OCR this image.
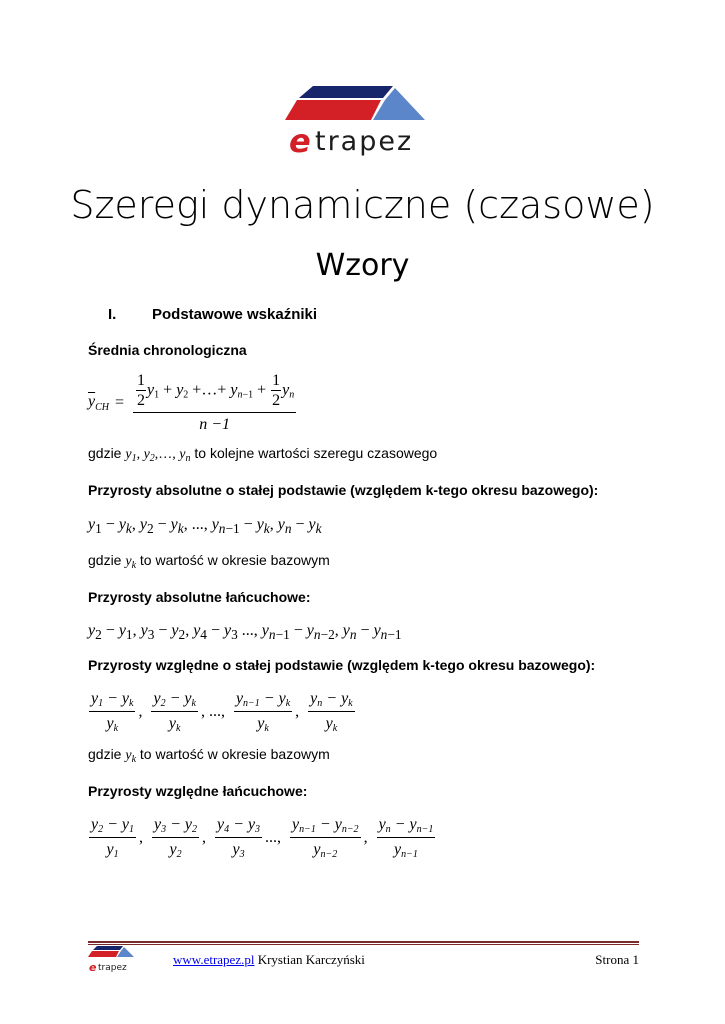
e trapez
Szeregi dynamiczne (czasowe)
Wzory
I. Podstawowe wskaźniki
Średnia chronologiczna
$\overline{y}_{CH} = \frac{\frac{1}{2} y_1 + y_2 +\dots+ y_{n-1} + \frac{1}{2} y_n}{n -1}$
gdzie $y_1$, $y_2,\dots$, $y_n$ to kolejne wartości szeregu czasowego
Przyrosty absolutne o stałej podstawie (względem k-tego okresu bazowego):
$y_1 - y_k$, $y_2 - y_k$, ..., $y_{n-1} - y_k$, $y_n - y_k$
gdzie $y_k$ to wartość w okresie bazowym
Przyrosty absolutne łańcuchowe:
$y_2 - y_1$, $y_3 - y_2$, $y_4 - y_3$ ..., $y_{n-1} - y_{n-2}$, $y_n - y_{n-1}$
Przyrosty względne o stałej podstawie (względem k-tego okresu bazowego):
$\frac{y_1 - y_k}{y_k}$ , $\frac{y_2 - y_k}{y_k}$ , ..., $\frac{y_{n-1} - y_k}{y_k}$ , $\frac{y_n - y_k}{y_k}$
gdzie $y_k$ to wartość w okresie bazowym
Przyrosty względne łańcuchowe:
$\frac{y_2 - y_1}{y_1}$ , $\frac{y_3 - y_2}{y_2}$ , $\frac{y_4 - y_3}{y_3}$ ..., $\frac{y_{n-1} - y_{n-2}}{y_{n-2}}$ , $\frac{y_n - y_{n-1}}{y_{n-1}}$
e trapez
www.etrapez.pl Krystian Karczyński	Strona 1
